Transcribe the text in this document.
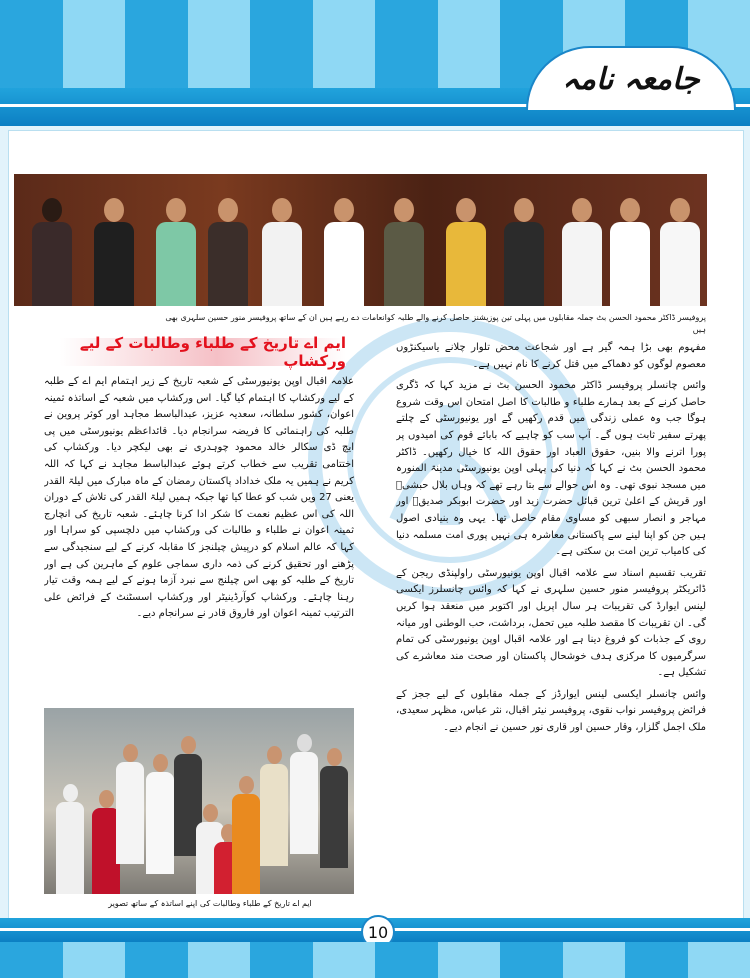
جامعہ نامہ
پروفیسر ڈاکٹر محمود الحسن بٹ جملہ مقابلوں میں پہلی تین پوزیشنز حاصل کرنے والے طلبہ کوانعامات دے رہے ہیں ان کے ساتھ پروفیسر منور حسین سلہری بھی ہیں
ایم اے تاریخ کے طلباء وطالبات کے لیے ورکشاپ
علامہ اقبال اوپن یونیورسٹی کے شعبہ تاریخ کے زیر اہتمام ایم اے کے طلبہ کے لیے ورکشاپ کا اہتمام کیا گیا۔ اس ورکشاپ میں شعبہ کے اساتذہ ثمینہ اعوان، کشور سلطانہ، سعدیہ عزیز، عبدالباسط مجاہد اور کوثر پروین نے طلبہ کی راہنمائی کا فریضہ سرانجام دیا۔ قائداعظم یونیورسٹی میں پی ایچ ڈی سکالر خالد محمود چوہدری نے بھی لیکچر دیا۔ ورکشاپ کی اختتامی تقریب سے خطاب کرتے ہوئے عبدالباسط مجاہد نے کہا کہ اللہ کریم نے ہمیں یہ ملک خداداد پاکستان رمضان کے ماہ مبارک میں لیلۃ القدر یعنی 27 ویں شب کو عطا کیا تھا جبکہ ہمیں لیلۃ القدر کی تلاش کے دوران اللہ کی اس عظیم نعمت کا شکر ادا کرنا چاہئے۔ شعبہ تاریخ کی انچارج ثمینہ اعوان نے طلباء و طالبات کی ورکشاپ میں دلچسپی کو سراہا اور کہا کہ عالم اسلام کو درپیش چیلنجز کا مقابلہ کرنے کے لیے سنجیدگی سے پڑھنے اور تحقیق کرنے کی ذمہ داری سماجی علوم کے ماہرین کی ہے اور تاریخ کے طلبہ کو بھی اس چیلنج سے نبرد آزما ہونے کے لیے ہمہ وقت تیار رہنا چاہئے۔ ورکشاپ کوآرڈینیٹر اور ورکشاپ اسسٹنٹ کے فرائض علی الترتیب ثمینہ اعوان اور فاروق قادر نے سرانجام دیے۔

مفہوم بھی بڑا ہمہ گیر ہے اور شجاعت محض تلوار چلانے یاسیکنڑوں معصوم لوگوں کو دھماکے میں قتل کرنے کا نام نہیں ہے۔

وائس چانسلر پروفیسر ڈاکٹر محمود الحسن بٹ نے مزید کہا کہ ڈگری حاصل کرنے کے بعد ہمارے طلباء و طالبات کا اصل امتحان اس وقت شروع ہوگا جب وہ عملی زندگی میں قدم رکھیں گے اور یونیورسٹی کے چلتے پھرتے سفیر ثابت ہوں گے۔ آپ سب کو چاہیے کہ بابائے قوم کی امیدوں پر پورا اترنے والا بنیں، حقوق العباد اور حقوق اللہ کا خیال رکھیں۔ ڈاکٹر محمود الحسن بٹ نے کہا کہ دنیا کی پہلی اوپن یونیورسٹی مدینۃ المنورہ میں مسجد نبوی تھی۔ وہ اس حوالے سے بتا رہے تھے کہ وہاں بلال حبشیؓ اور قریش کے اعلیٰ ترین قبائل حضرت زید اور حضرت ابوبکر صدیقؓ اور مہاجر و انصار سبھی کو مساوی مقام حاصل تھا۔ یہی وہ بنیادی اصول ہیں جن کو اپنا لینے سے پاکستانی معاشرہ ہی نہیں پوری امت مسلمہ دنیا کی کامیاب ترین امت بن سکتی ہے۔

تقریب تقسیم اسناد سے علامہ اقبال اوپن یونیورسٹی راولپنڈی ریجن کے ڈائریکٹر پروفیسر منور حسین سلہری نے کہا کہ وائس چانسلرز ایکسی لینس ایوارڈ کی تقریبات ہر سال اپریل اور اکتوبر میں منعقد ہوا کریں گی۔ ان تقریبات کا مقصد طلبہ میں تحمل، برداشت، حب الوطنی اور میانہ روی کے جذبات کو فروغ دینا ہے اور علامہ اقبال اوپن یونیورسٹی کی تمام سرگرمیوں کا مرکزی ہدف خوشحال پاکستان اور صحت مند معاشرے کی تشکیل ہے۔

وائس چانسلر ایکسی لینس ایوارڈز کے جملہ مقابلوں کے لیے ججز کے فرائض پروفیسر نواب نقوی، پروفیسر نیئر اقبال، نثر عباس، مظہر سعیدی، ملک اجمل گلزار، وقار حسین اور قاری نور حسین نے انجام دیے۔

ایم اے تاریخ کے طلباء وطالبات کی اپنے اساتذہ کے ساتھ تصویر
10
